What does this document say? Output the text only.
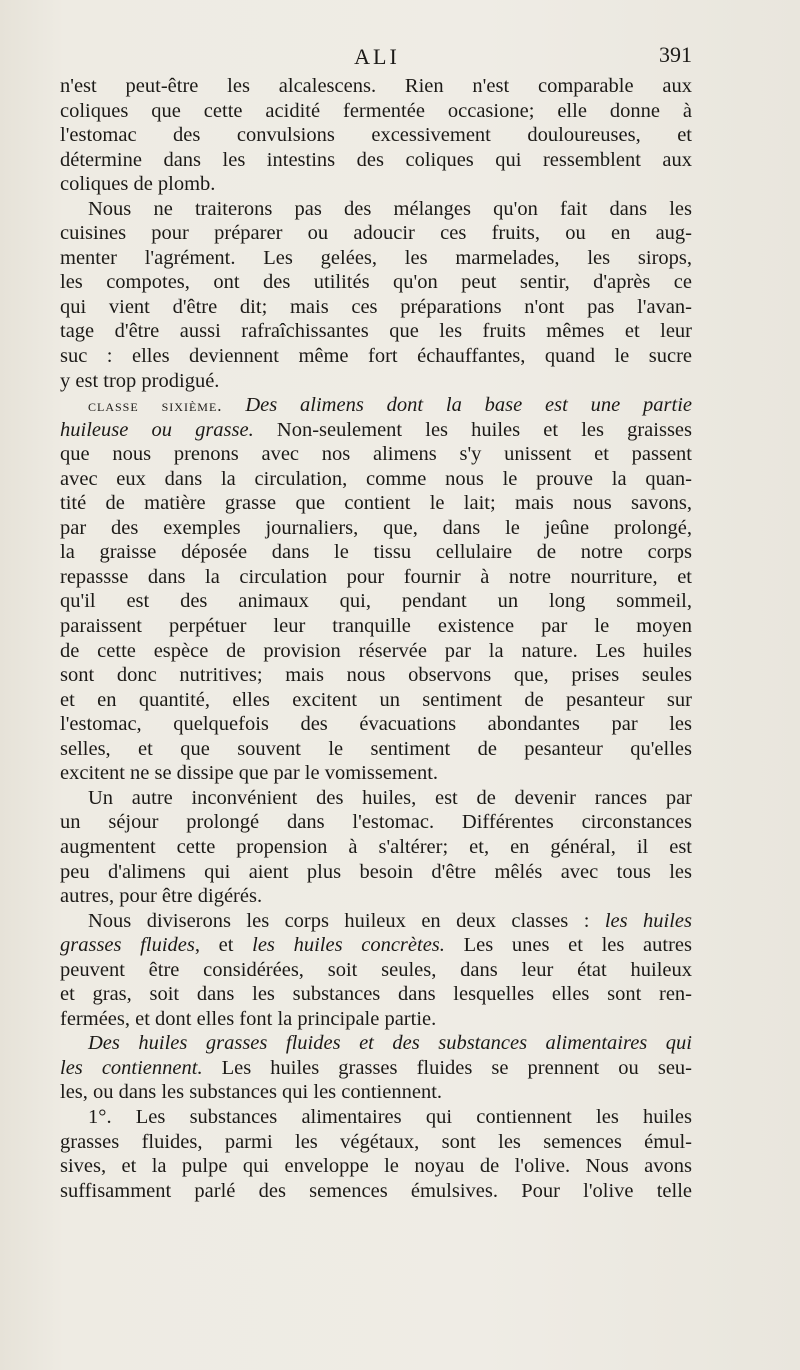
ALI	391
n'est peut-être les alcalescens. Rien n'est comparable aux
coliques que cette acidité fermentée occasione; elle donne à
l'estomac des convulsions excessivement douloureuses, et
détermine dans les intestins des coliques qui ressemblent aux
coliques de plomb.
Nous ne traiterons pas des mélanges qu'on fait dans les
cuisines pour préparer ou adoucir ces fruits, ou en aug-
menter l'agrément. Les gelées, les marmelades, les sirops,
les compotes, ont des utilités qu'on peut sentir, d'après ce
qui vient d'être dit; mais ces préparations n'ont pas l'avan-
tage d'être aussi rafraîchissantes que les fruits mêmes et leur
suc : elles deviennent même fort échauffantes, quand le sucre
y est trop prodigué.
classe sixième. Des alimens dont la base est une partie
huileuse ou grasse. Non-seulement les huiles et les graisses
que nous prenons avec nos alimens s'y unissent et passent
avec eux dans la circulation, comme nous le prouve la quan-
tité de matière grasse que contient le lait; mais nous savons,
par des exemples journaliers, que, dans le jeûne prolongé,
la graisse déposée dans le tissu cellulaire de notre corps
repassse dans la circulation pour fournir à notre nourriture, et
qu'il est des animaux qui, pendant un long sommeil,
paraissent perpétuer leur tranquille existence par le moyen
de cette espèce de provision réservée par la nature. Les huiles
sont donc nutritives; mais nous observons que, prises seules
et en quantité, elles excitent un sentiment de pesanteur sur
l'estomac, quelquefois des évacuations abondantes par les
selles, et que souvent le sentiment de pesanteur qu'elles
excitent ne se dissipe que par le vomissement.
Un autre inconvénient des huiles, est de devenir rances par
un séjour prolongé dans l'estomac. Différentes circonstances
augmentent cette propension à s'altérer; et, en général, il est
peu d'alimens qui aient plus besoin d'être mêlés avec tous les
autres, pour être digérés.
Nous diviserons les corps huileux en deux classes : les huiles
grasses fluides, et les huiles concrètes. Les unes et les autres
peuvent être considérées, soit seules, dans leur état huileux
et gras, soit dans les substances dans lesquelles elles sont ren-
fermées, et dont elles font la principale partie.
Des huiles grasses fluides et des substances alimentaires qui
les contiennent. Les huiles grasses fluides se prennent ou seu-
les, ou dans les substances qui les contiennent.
1°. Les substances alimentaires qui contiennent les huiles
grasses fluides, parmi les végétaux, sont les semences émul-
sives, et la pulpe qui enveloppe le noyau de l'olive. Nous avons
suffisamment parlé des semences émulsives. Pour l'olive telle
